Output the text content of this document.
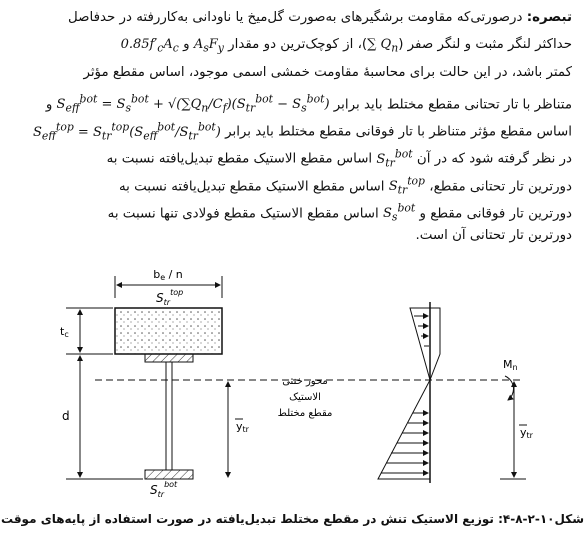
تبصره: درصورتی‌که مقاومت برشگیرهای به‌صورت گل‌میخ یا ناودانی به‌کاررفته در حدفاصل
حداکثر لنگر مثبت و لنگر صفر (∑ $Q_n)،$ از کوچک‌ترین دو مقدار $A_sF_y$ و $0.85f'_cA_c$
کمتر باشد، در این حالت برای محاسبهٔ مقاومت خمشی اسمی موجود، اساس مقطع مؤثر
متناظر با تار تحتانی مقطع مختلط باید برابر $S_{eff}^{bot} = S_s^{bot} + √(\sum Q_n/C_f)(S_{tr}^{bot} - S_s^{bot})$ و
اساس مقطع مؤثر متناظر با تار فوقانی مقطع مختلط باید برابر $S_{eff}^{top} = S_{tr}^{top}(S_{eff}^{bot}/S_{tr}^{bot})$
در نظر گرفته شود که در آن $S_{tr}^{bot}$ اساس مقطع الاستیک مقطع تبدیل‌یافته نسبت به
دورترین تار تحتانی مقطع، $S_{tr}^{top}$ اساس مقطع الاستیک مقطع تبدیل‌یافته نسبت به
دورترین تار فوقانی مقطع و $S_s^{bot}$ اساس مقطع الاستیک مقطع فولادی تنها نسبت به
دورترین تار تحتانی آن است.
be / n
$S_{tr}^{top}$
tc
d
محور خنثی
الاستیک
مقطع مختلط
ytr
$S_{tr}^{bot}$
Mn
ytr
شکل۱۰-۲-۸-۴: توزیع الاستیک تنش در مقطع مختلط تبدیل‌یافته در صورت استفاده از پایه‌های موقت
